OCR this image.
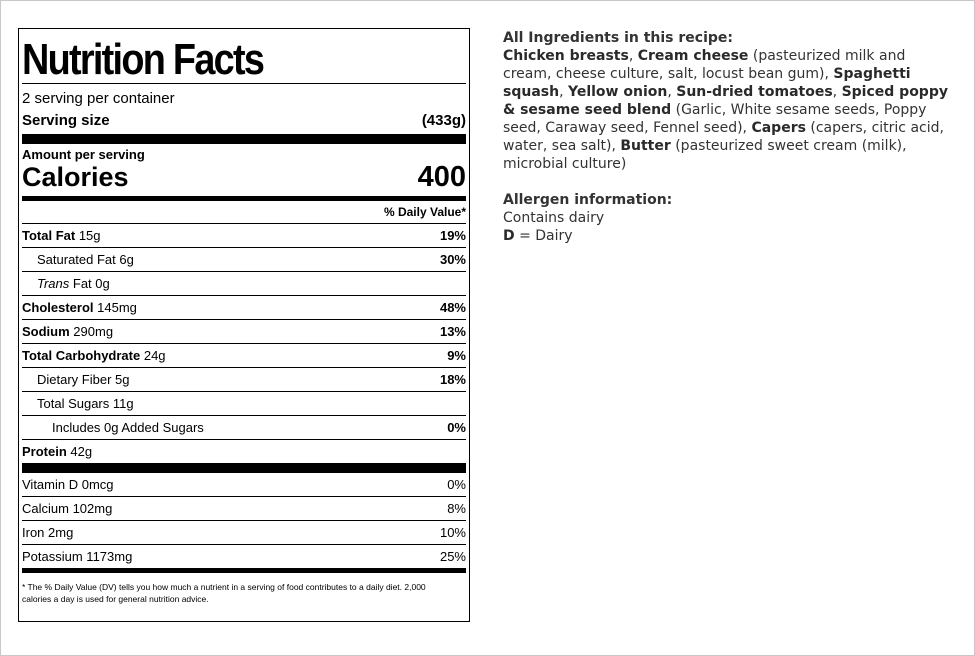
Nutrition Facts
2 serving per container
Serving size	(433g)
Amount per serving
Calories	400
% Daily Value*
Total Fat 15g	19%
Saturated Fat 6g	30%
Trans Fat 0g
Cholesterol 145mg	48%
Sodium 290mg	13%
Total Carbohydrate 24g	9%
Dietary Fiber 5g	18%
Total Sugars 11g
Includes 0g Added Sugars	0%
Protein 42g
Vitamin D 0mcg	0%
Calcium 102mg	8%
Iron 2mg	10%
Potassium 1173mg	25%
* The % Daily Value (DV) tells you how much a nutrient in a serving of food contributes to a daily diet. 2,000 calories a day is used for general nutrition advice.

All Ingredients in this recipe:

Chicken breasts, Cream cheese (pasteurized milk and cream, cheese culture, salt, locust bean gum), Spaghetti squash, Yellow onion, Sun-dried tomatoes, Spiced poppy & sesame seed blend (Garlic, White sesame seeds, Poppy seed, Caraway seed, Fennel seed), Capers (capers, citric acid, water, sea salt), Butter (pasteurized sweet cream (milk), microbial culture)

Allergen information:

Contains dairy

D = Dairy
